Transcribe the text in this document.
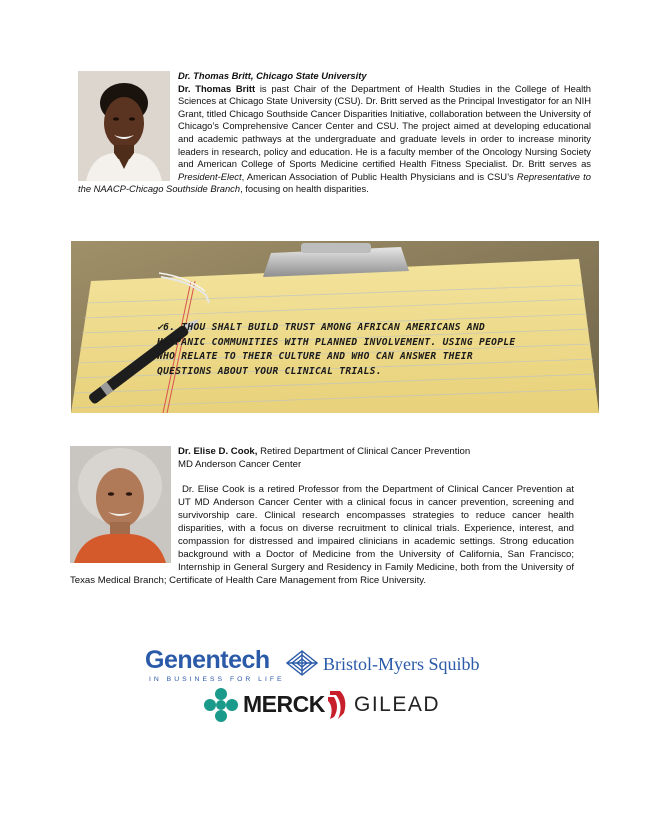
Dr. Thomas Britt, Chicago State University

Dr. Thomas Britt is past Chair of the Department of Health Studies in the College of Health Sciences at Chicago State University (CSU). Dr. Britt served as the Principal Investigator for an NIH Grant, titled Chicago Southside Cancer Disparities Initiative, collaboration between the University of Chicago’s Comprehensive Cancer Center and CSU. The project aimed at developing educational and academic pathways at the undergraduate and graduate levels in order to increase minority leaders in research, policy and education. He is a faculty member of the Oncology Nursing Society and American College of Sports Medicine certified Health Fitness Specialist. Dr. Britt serves as President-Elect, American Association of Public Health Physicians and is CSU’s Representative to the NAACP-Chicago Southside Branch, focusing on health disparities.

✓6. THOU SHALT BUILD TRUST AMONG AFRICAN AMERICANS AND HISPANIC COMMUNITIES WITH PLANNED INVOLVEMENT. USING PEOPLE WHO RELATE TO THEIR CULTURE AND WHO CAN ANSWER THEIR QUESTIONS ABOUT YOUR CLINICAL TRIALS.

Dr. Elise D. Cook, Retired Department of Clinical Cancer Prevention

MD Anderson Cancer Center

Dr. Elise Cook is a retired Professor from the Department of Clinical Cancer Prevention at UT MD Anderson Cancer Center with a clinical focus in cancer prevention, screening and survivorship care. Clinical research encompasses strategies to reduce cancer health disparities, with a focus on diverse recruitment to clinical trials. Experience, interest, and compassion for distressed and impaired clinicians in academic settings. Strong education background with a Doctor of Medicine from the University of California, San Francisco; Internship in General Surgery and Residency in Family Medicine, both from the University of Texas Medical Branch; Certificate of Health Care Management from Rice University.

Genentech
IN BUSINESS FOR LIFE
Bristol-Myers Squibb
MERCK GILEAD
